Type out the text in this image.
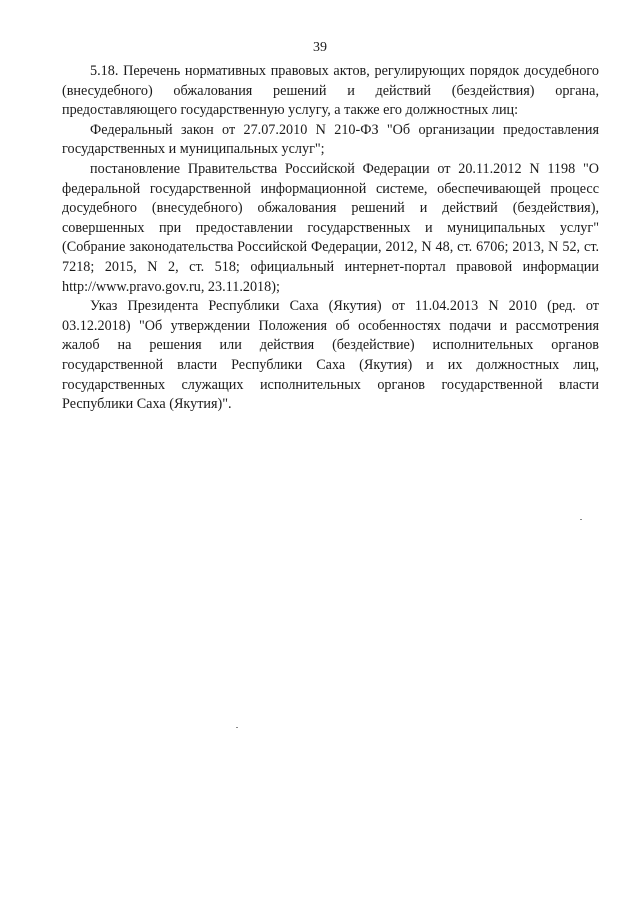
39

5.18. Перечень нормативных правовых актов, регулирующих порядок досудебного (внесудебного) обжалования решений и действий (бездействия) органа, предоставляющего государственную услугу, а также его должностных лиц:

Федеральный закон от 27.07.2010 N 210-ФЗ "Об организации предоставления государственных и муниципальных услуг";

постановление Правительства Российской Федерации от 20.11.2012 N 1198 "О федеральной государственной информационной системе, обеспечивающей процесс досудебного (внесудебного) обжалования решений и действий (бездействия), совершенных при предоставлении государственных и муниципальных услуг" (Собрание законодательства Российской Федерации, 2012, N 48, ст. 6706; 2013, N 52, ст. 7218; 2015, N 2, ст. 518; официальный интернет-портал правовой информации http://www.pravo.gov.ru, 23.11.2018);

Указ Президента Республики Саха (Якутия) от 11.04.2013 N 2010 (ред. от 03.12.2018) "Об утверждении Положения об особенностях подачи и рассмотрения жалоб на решения или действия (бездействие) исполнительных органов государственной власти Республики Саха (Якутия) и их должностных лиц, государственных служащих исполнительных органов государственной власти Республики Саха (Якутия)".
